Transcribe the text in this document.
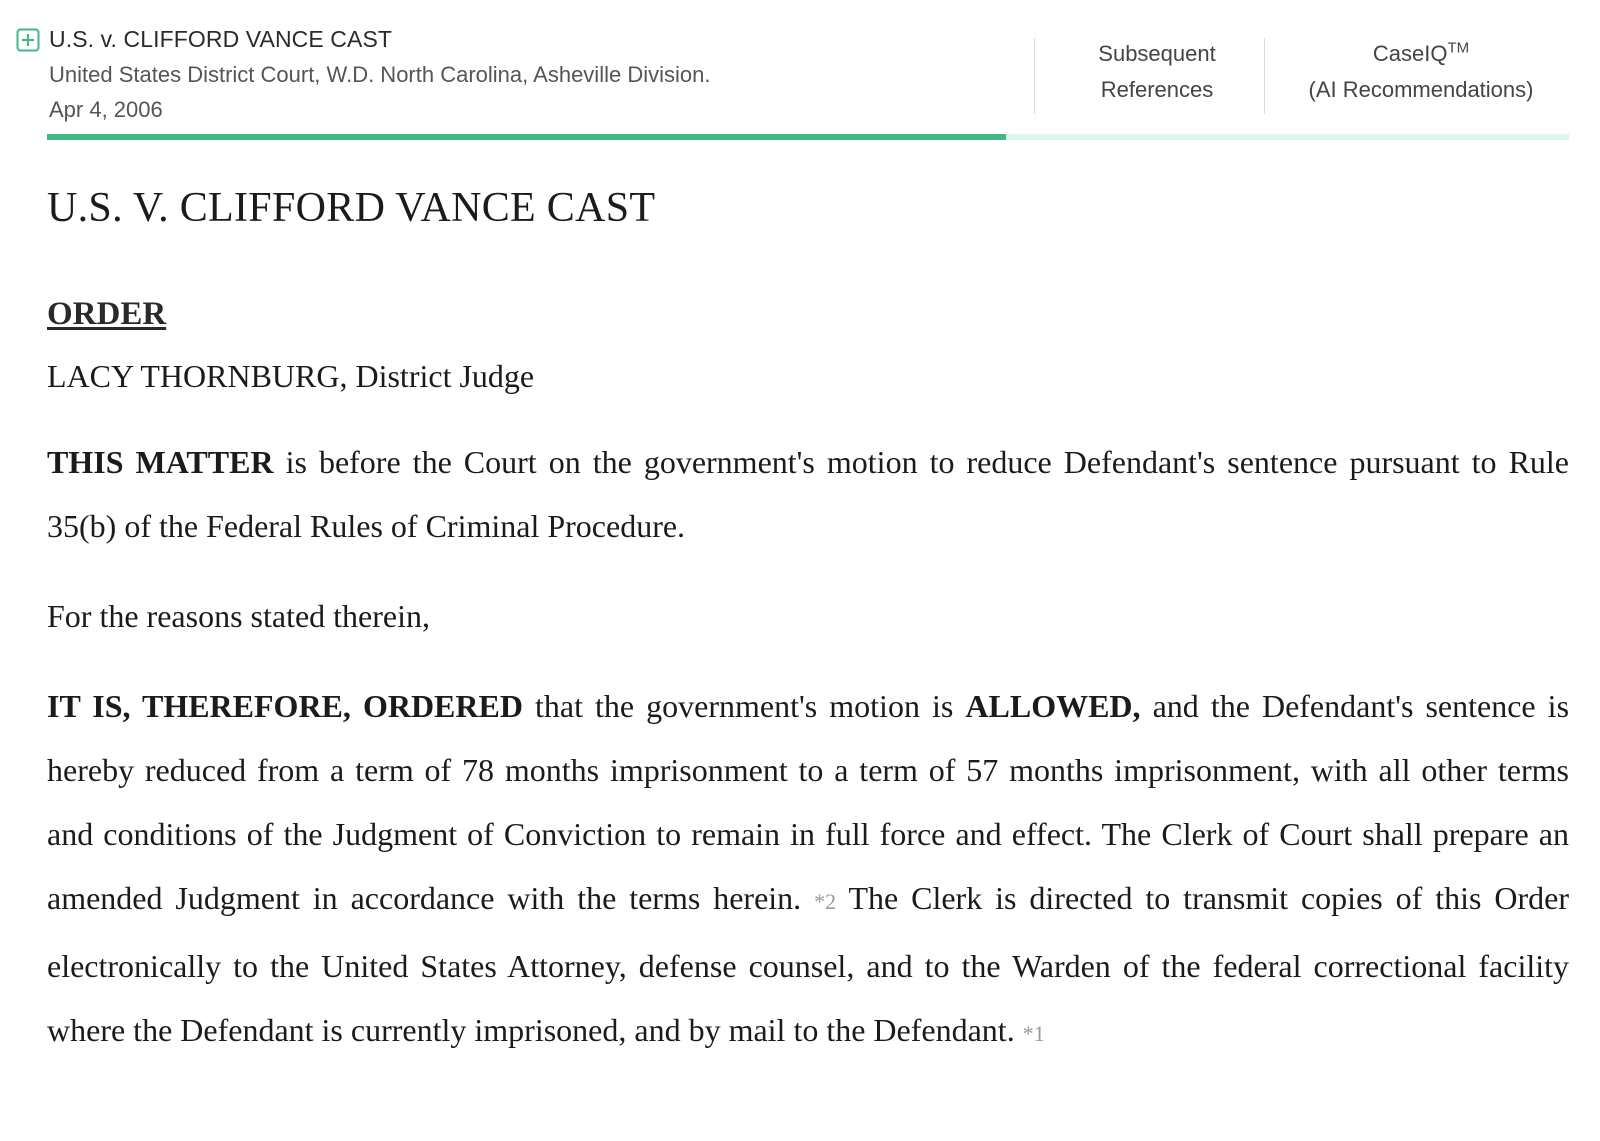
U.S. v. CLIFFORD VANCE CAST
United States District Court, W.D. North Carolina, Asheville Division.
Apr 4, 2006
Subsequent
References
CaseIQ™
(AI Recommendations)
U.S. V. CLIFFORD VANCE CAST
ORDER
LACY THORNBURG, District Judge

THIS MATTER is before the Court on the government's motion to reduce Defendant's sentence pursuant to Rule 35(b) of the Federal Rules of Criminal Procedure.

For the reasons stated therein,

IT IS, THEREFORE, ORDERED that the government's motion is ALLOWED, and the Defendant's sentence is hereby reduced from a term of 78 months imprisonment to a term of 57 months imprisonment, with all other terms and conditions of the Judgment of Conviction to remain in full force and effect. The Clerk of Court shall prepare an amended Judgment in accordance with the terms herein. *2 The Clerk is directed to transmit copies of this Order electronically to the United States Attorney, defense counsel, and to the Warden of the federal correctional facility where the Defendant is currently imprisoned, and by mail to the Defendant. *1
